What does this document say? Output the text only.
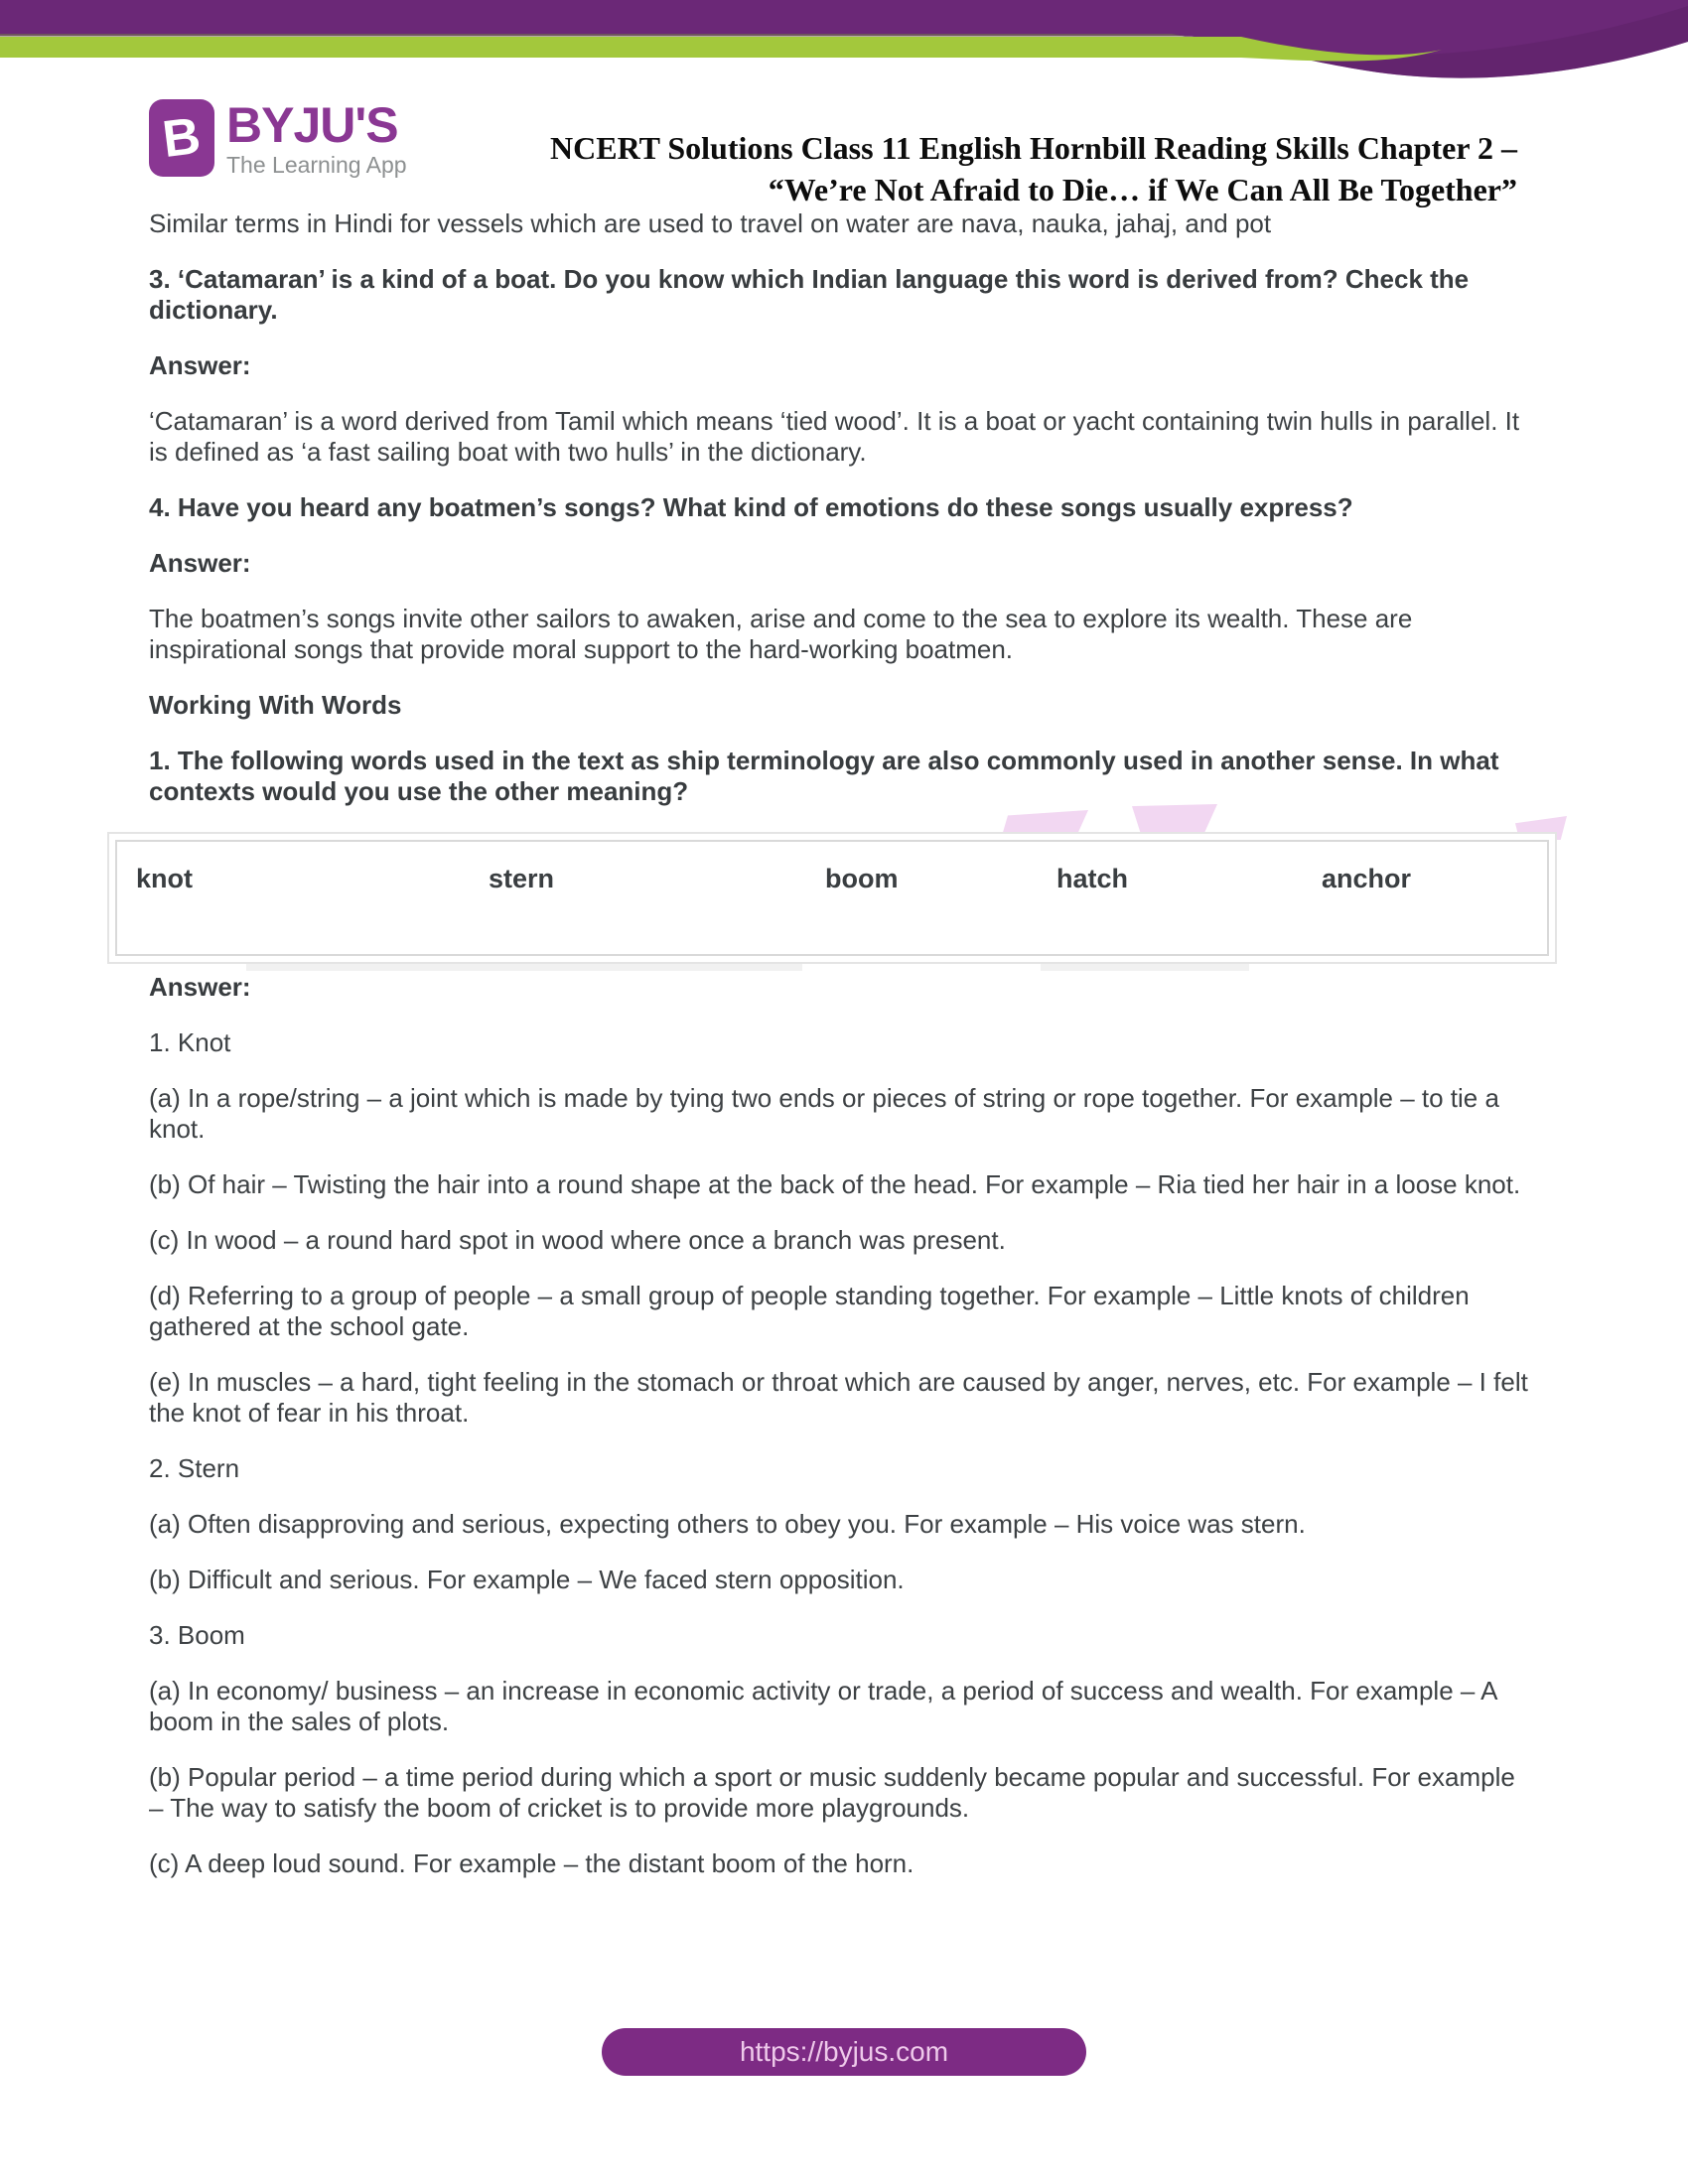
B BYJU'S
The Learning App	NCERT Solutions Class 11 English Hornbill Reading Skills Chapter 2 –
“We’re Not Afraid to Die… if We Can All Be Together”

Similar terms in Hindi for vessels which are used to travel on water are nava, nauka, jahaj, and pot

3. ‘Catamaran’ is a kind of a boat. Do you know which Indian language this word is derived from? Check the dictionary.

Answer:

‘Catamaran’ is a word derived from Tamil which means ‘tied wood’. It is a boat or yacht containing twin hulls in parallel. It is defined as ‘a fast sailing boat with two hulls’ in the dictionary.

4. Have you heard any boatmen’s songs? What kind of emotions do these songs usually express?

Answer:

The boatmen’s songs invite other sailors to awaken, arise and come to the sea to explore its wealth. These are inspirational songs that provide moral support to the hard-working boatmen.

Working With Words

1. The following words used in the text as ship terminology are also commonly used in another sense. In what contexts would you use the other meaning?

knot	stern	boom	hatch	anchor

Answer:

1. Knot

(a) In a rope/string – a joint which is made by tying two ends or pieces of string or rope together. For example – to tie a knot.

(b) Of hair – Twisting the hair into a round shape at the back of the head. For example – Ria tied her hair in a loose knot.

(c) In wood – a round hard spot in wood where once a branch was present.

(d) Referring to a group of people – a small group of people standing together. For example – Little knots of children gathered at the school gate.

(e) In muscles – a hard, tight feeling in the stomach or throat which are caused by anger, nerves, etc. For example – I felt the knot of fear in his throat.

2. Stern

(a) Often disapproving and serious, expecting others to obey you. For example – His voice was stern.

(b) Difficult and serious. For example – We faced stern opposition.

3. Boom

(a) In economy/ business – an increase in economic activity or trade, a period of success and wealth. For example – A boom in the sales of plots.

(b) Popular period – a time period during which a sport or music suddenly became popular and successful. For example – The way to satisfy the boom of cricket is to provide more playgrounds.

(c) A deep loud sound. For example – the distant boom of the horn.

https://byjus.com
